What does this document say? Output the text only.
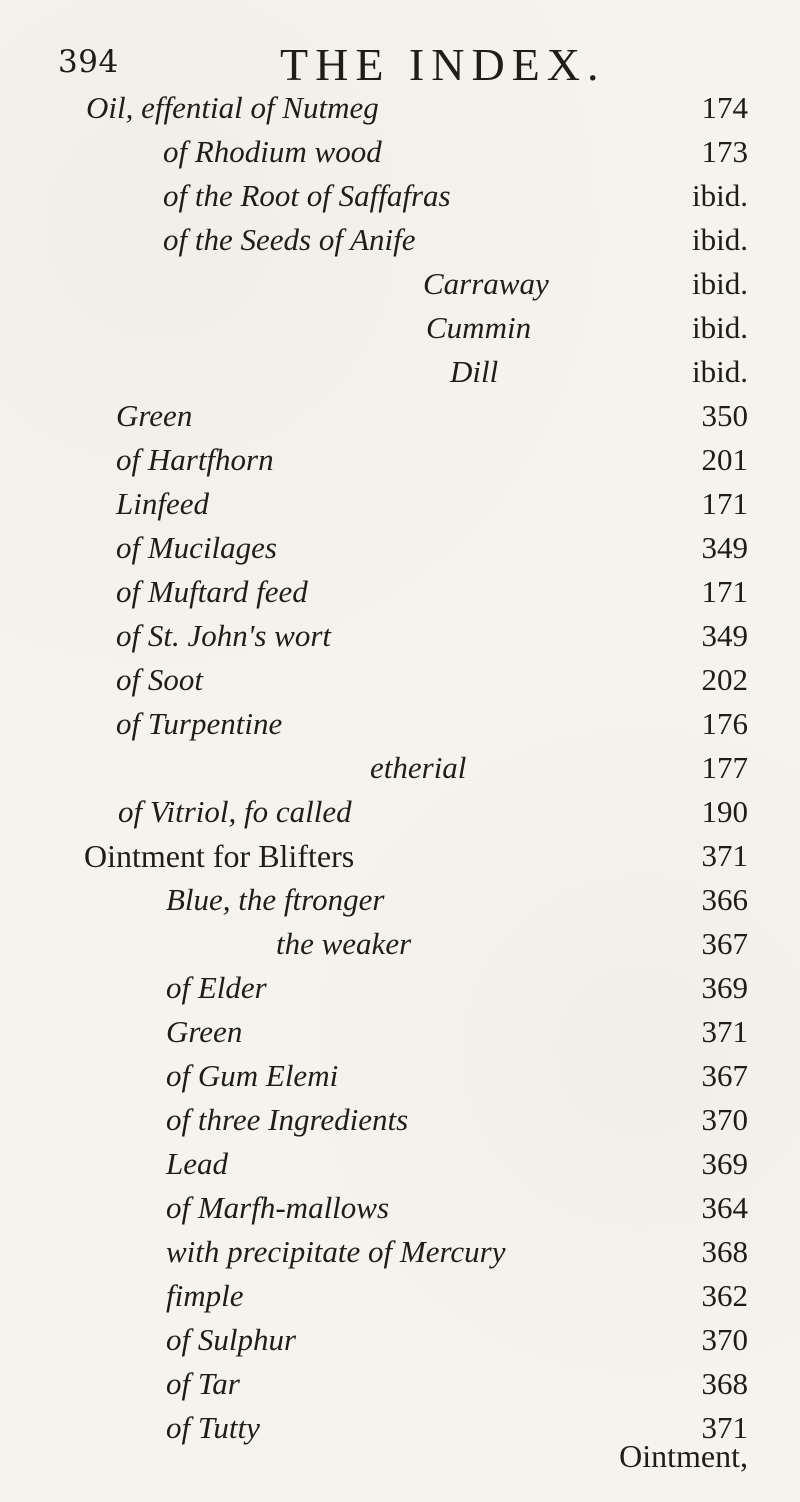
394	THE INDEX.
Oil, effential of Nutmeg	174
of Rhodium wood	173
of the Root of Saffafras	ibid.
of the Seeds of Anife	ibid.
Carraway	ibid.
Cummin	ibid.
Dill	ibid.
Green	350
of Hartfhorn	201
Linfeed	171
of Mucilages	349
of Muftard feed	171
of St. John's wort	349
of Soot	202
of Turpentine	176
etherial	177
of Vitriol, fo called	190
Ointment for Blifters	371
Blue, the ftronger	366
the weaker	367
of Elder	369
Green	371
of Gum Elemi	367
of three Ingredients	370
Lead	369
of Marfh-mallows	364
with precipitate of Mercury	368
fimple	362
of Sulphur	370
of Tar	368
of Tutty	371
Ointment,
